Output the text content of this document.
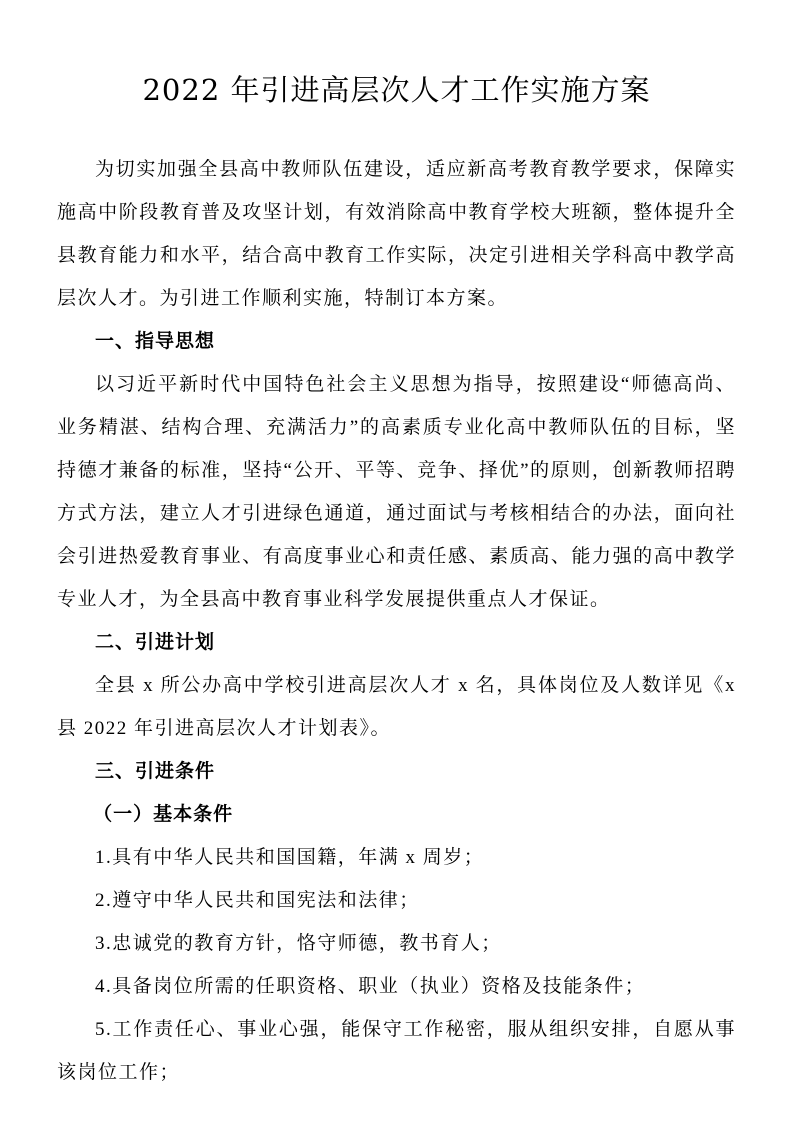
2022 年引进高层次人才工作实施方案

为切实加强全县高中教师队伍建设，适应新高考教育教学要求，保障实施高中阶段教育普及攻坚计划，有效消除高中教育学校大班额，整体提升全县教育能力和水平，结合高中教育工作实际，决定引进相关学科高中教学高层次人才。为引进工作顺利实施，特制订本方案。

一、指导思想

以习近平新时代中国特色社会主义思想为指导，按照建设“师德高尚、业务精湛、结构合理、充满活力”的高素质专业化高中教师队伍的目标，坚持德才兼备的标准，坚持“公开、平等、竞争、择优”的原则，创新教师招聘方式方法，建立人才引进绿色通道，通过面试与考核相结合的办法，面向社会引进热爱教育事业、有高度事业心和责任感、素质高、能力强的高中教学专业人才，为全县高中教育事业科学发展提供重点人才保证。

二、引进计划

全县 x 所公办高中学校引进高层次人才 x 名，具体岗位及人数详见《x县 2022 年引进高层次人才计划表》。

三、引进条件
（一）基本条件

1.具有中华人民共和国国籍，年满 x 周岁；

2.遵守中华人民共和国宪法和法律；

3.忠诚党的教育方针，恪守师德，教书育人；

4.具备岗位所需的任职资格、职业（执业）资格及技能条件；

5.工作责任心、事业心强，能保守工作秘密，服从组织安排，自愿从事该岗位工作；
